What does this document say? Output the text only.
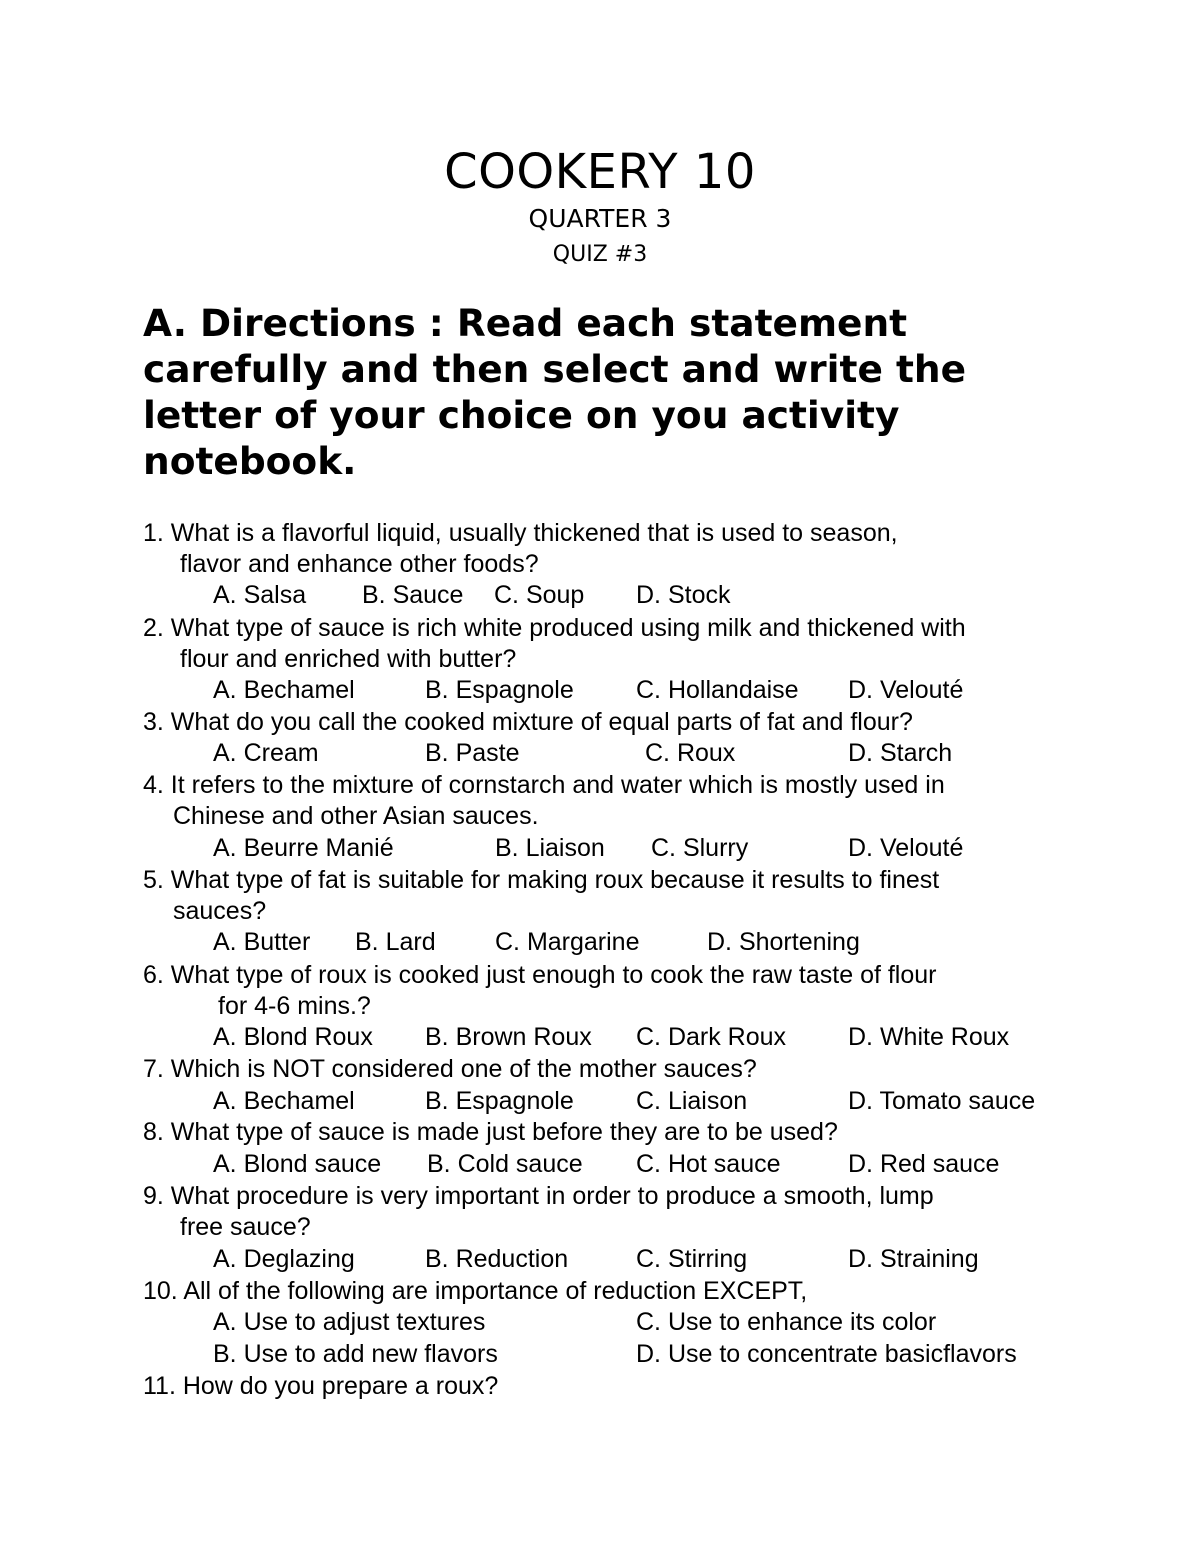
COOKERY 10
QUARTER 3
QUIZ #3
A. Directions : Read each statement carefully and then select and write the letter of your choice on you activity notebook.
1. What is a flavorful liquid, usually thickened that is used to season,
flavor and enhance other foods?
A. Salsa B. Sauce C. Soup D. Stock
2. What type of sauce is rich white produced using milk and thickened with
flour and enriched with butter?
A. Bechamel	B. Espagnole C. Hollandaise D. Velouté
3. What do you call the cooked mixture of equal parts of fat and flour?
A. Cream	B. Paste	C. Roux	D. Starch
4. It refers to the mixture of cornstarch and water which is mostly used in
Chinese and other Asian sauces.
A. Beurre Manié	B. Liaison C. Slurry	D. Velouté
5. What type of fat is suitable for making roux because it results to finest
sauces?
A. Butter B. Lard C. Margarine	D. Shortening
6. What type of roux is cooked just enough to cook the raw taste of flour
for 4-6 mins.?
A. Blond Roux B. Brown Roux C. Dark Roux D. White Roux
7. Which is NOT considered one of the mother sauces?
A. Bechamel	B. Espagnole C. Liaison	D. Tomato sauce
8. What type of sauce is made just before they are to be used?
A. Blond sauce B. Cold sauce C. Hot sauce	D. Red sauce
9. What procedure is very important in order to produce a smooth, lump
free sauce?
A. Deglazing	B. Reduction	C. Stirring	D. Straining
10. All of the following are importance of reduction EXCEPT,
A. Use to adjust textures	C. Use to enhance its color
B. Use to add new flavors	D. Use to concentrate basicflavors
11. How do you prepare a roux?
